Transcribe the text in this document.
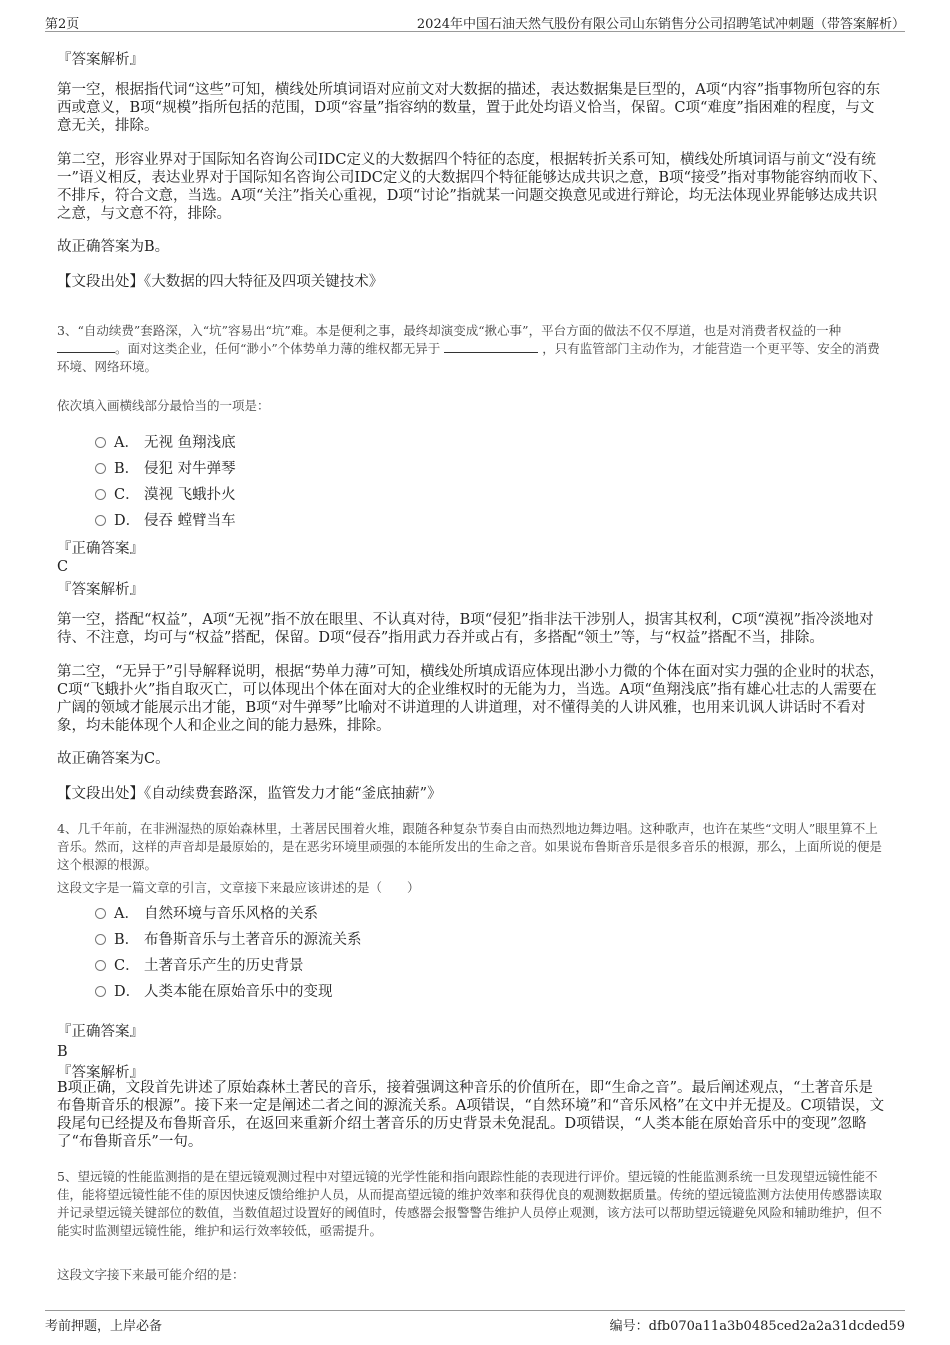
第2页	2024年中国石油天然气股份有限公司山东销售分公司招聘笔试冲刺题（带答案解析）
『答案解析』

第一空，根据指代词“这些”可知，横线处所填词语对应前文对大数据的描述，表达数据集是巨型的，A项“内容”指事物所包容的东西或意义，B项“规模”指所包括的范围，D项“容量”指容纳的数量，置于此处均语义恰当，保留。C项“难度”指困难的程度，与文意无关，排除。

第二空，形容业界对于国际知名咨询公司IDC定义的大数据四个特征的态度，根据转折关系可知，横线处所填词语与前文“没有统一”语义相反，表达业界对于国际知名咨询公司IDC定义的大数据四个特征能够达成共识之意，B项“接受”指对事物能容纳而收下、不排斥，符合文意，当选。A项“关注”指关心重视，D项“讨论”指就某一问题交换意见或进行辩论，均无法体现业界能够达成共识之意，与文意不符，排除。

故正确答案为B。

【文段出处】《大数据的四大特征及四项关键技术》

3、“自动续费”套路深，入“坑”容易出“坑”难。本是便利之事，最终却演变成“揪心事”，平台方面的做法不仅不厚道，也是对消费者权益的一种
。面对这类企业，任何“渺小”个体势单力薄的维权都无异于	，只有监管部门主动作为，才能营造一个更平等、安全的消费环境、网络环境。

依次填入画横线部分最恰当的一项是：

A． 无视 鱼翔浅底
B． 侵犯 对牛弹琴
C． 漠视 飞蛾扑火
D． 侵吞 螳臂当车
『正确答案』
C
『答案解析』

第一空，搭配“权益”，A项“无视”指不放在眼里、不认真对待，B项“侵犯”指非法干涉别人，损害其权利，C项“漠视”指冷淡地对待、不注意，均可与“权益”搭配，保留。D项“侵吞”指用武力吞并或占有，多搭配“领土”等，与“权益”搭配不当，排除。

第二空，“无异于”引导解释说明，根据“势单力薄”可知，横线处所填成语应体现出渺小力微的个体在面对实力强的企业时的状态，C项“飞蛾扑火”指自取灭亡，可以体现出个体在面对大的企业维权时的无能为力，当选。A项“鱼翔浅底”指有雄心壮志的人需要在广阔的领域才能展示出才能，B项“对牛弹琴”比喻对不讲道理的人讲道理，对不懂得美的人讲风雅，也用来讥讽人讲话时不看对象，均未能体现个人和企业之间的能力悬殊，排除。

故正确答案为C。

【文段出处】《自动续费套路深，监管发力才能“釜底抽薪”》

4、几千年前，在非洲湿热的原始森林里，土著居民围着火堆，跟随各种复杂节奏自由而热烈地边舞边唱。这种歌声，也许在某些“文明人”眼里算不上音乐。然而，这样的声音却是最原始的，是在恶劣环境里顽强的本能所发出的生命之音。如果说布鲁斯音乐是很多音乐的根源，那么，上面所说的便是这个根源的根源。

这段文字是一篇文章的引言，文章接下来最应该讲述的是（　　）

A． 自然环境与音乐风格的关系
B． 布鲁斯音乐与土著音乐的源流关系
C． 土著音乐产生的历史背景
D． 人类本能在原始音乐中的变现
『正确答案』
B
『答案解析』

B项正确，文段首先讲述了原始森林土著民的音乐，接着强调这种音乐的价值所在，即“生命之音”。最后阐述观点，“土著音乐是布鲁斯音乐的根源”。接下来一定是阐述二者之间的源流关系。A项错误，“自然环境”和“音乐风格”在文中并无提及。C项错误，文段尾句已经提及布鲁斯音乐，在返回来重新介绍土著音乐的历史背景未免混乱。D项错误，“人类本能在原始音乐中的变现”忽略了“布鲁斯音乐”一句。

5、望远镜的性能监测指的是在望远镜观测过程中对望远镜的光学性能和指向跟踪性能的表现进行评价。望远镜的性能监测系统一旦发现望远镜性能不佳，能将望远镜性能不佳的原因快速反馈给维护人员，从而提高望远镜的维护效率和获得优良的观测数据质量。传统的望远镜监测方法使用传感器读取并记录望远镜关键部位的数值，当数值超过设置好的阈值时，传感器会报警警告维护人员停止观测，该方法可以帮助望远镜避免风险和辅助维护，但不能实时监测望远镜性能，维护和运行效率较低，亟需提升。

这段文字接下来最可能介绍的是：

考前押题，上岸必备	编号：dfb070a11a3b0485ced2a2a31dcded59
